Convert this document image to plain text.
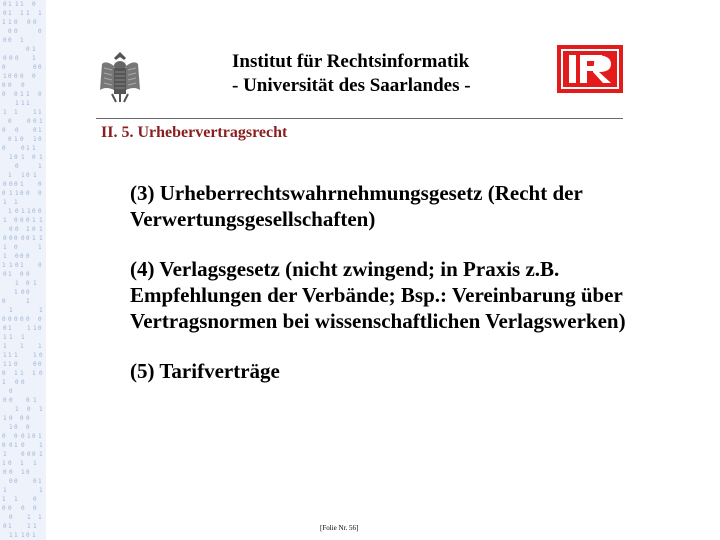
0 1 1 1 0
0 1 1 1 1
1 1 0 0 0
0 0	0
0 0 1
0 1
0 0 0 1
0	0 0
1 0 0 0 0
0 0 0
0 0 1 1 0
1 1 1
1 1	1 1
0	0 0 1
0 0 0 1
0 1 0 1 0
0	0 1 1
1 0 1 0 1
0	1
1 1 0 1
0 0 0 1 0
0 1 1 0 0 0
1 1
1 0 1 1 0 0
1 0 0 0 1 1
0 0 1 0 1
0 0 0 0 0 1 1
1 0	1
1 0 0 0
1 1 0 1 0
0 1 0 0
1 0 1
1 0 0
0	1
1	1
0 0 0 0 0 0
0 1	1 1 0
1 1 1
1 1 1
1 1 1	1 0
1 1 0	0 0
0 1 1 1 0
1 0 0
0
0 0 0 1
1 0 1
1 0 0 0
1 0 0
0 0 0 1 0 1
0 0 1 0 1
1 0 0 0 1
1 0 1 1
0 0 1 0
0 0	0 1
1	1
1 1	0
0 0 0 0
0 1 1
0 1	1 1
1 1 1 0 1
Institut für Rechtsinformatik
- Universität des Saarlandes -
II. 5. Urhebervertragsrecht

(3) Urheberrechtswahrnehmungsgesetz (Recht der Verwertungsgesellschaften)

(4) Verlagsgesetz (nicht zwingend; in Praxis z.B. Empfehlungen der Verbände; Bsp.: Vereinbarung über Vertragsnormen bei wissenschaftlichen Verlagswerken)

(5) Tarifverträge

[Folie Nr. 56]
